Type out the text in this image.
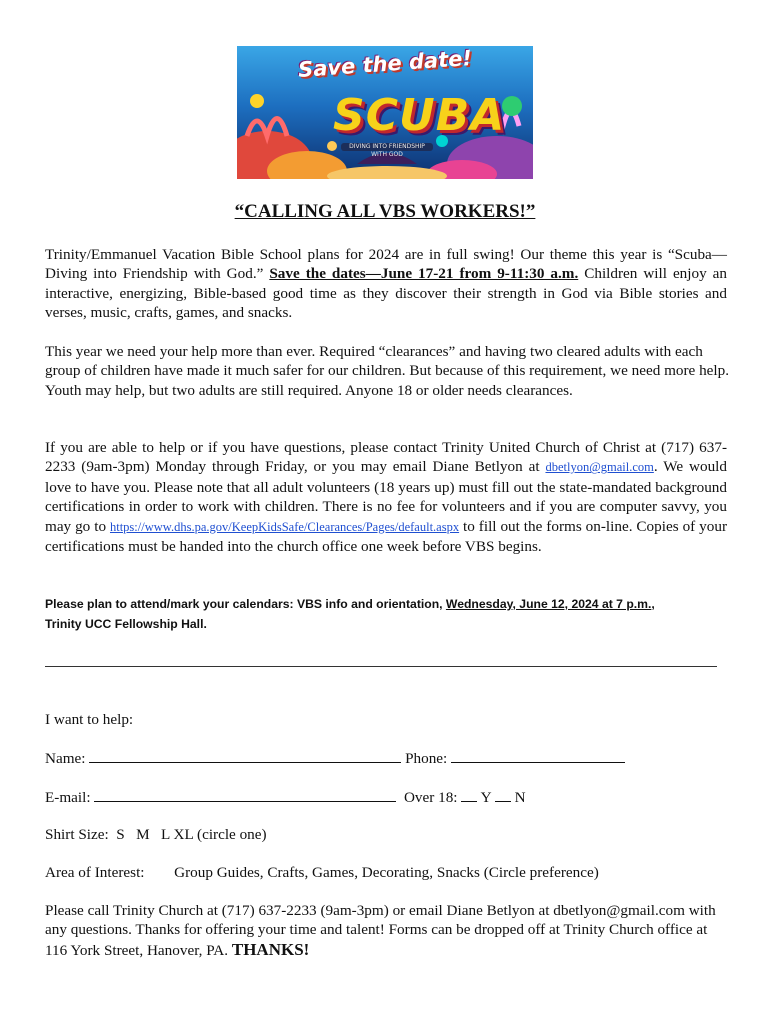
Save the date!
SCUBA
DIVING INTO FRIENDSHIP WITH GOD
“CALLING ALL VBS WORKERS!”

Trinity/Emmanuel Vacation Bible School plans for 2024 are in full swing! Our theme this year is “Scuba—Diving into Friendship with God.” Save the dates—June 17-21 from 9-11:30 a.m. Children will enjoy an interactive, energizing, Bible-based good time as they discover their strength in God via Bible stories and verses, music, crafts, games, and snacks.

This year we need your help more than ever. Required “clearances” and having two cleared adults with each group of children have made it much safer for our children. But because of this requirement, we need more help. Youth may help, but two adults are still required. Anyone 18 or older needs clearances.

If you are able to help or if you have questions, please contact Trinity United Church of Christ at (717) 637-2233 (9am-3pm) Monday through Friday, or you may email Diane Betlyon at dbetlyon@gmail.com. We would love to have you. Please note that all adult volunteers (18 years up) must fill out the state-mandated background certifications in order to work with children. There is no fee for volunteers and if you are computer savvy, you may go to https://www.dhs.pa.gov/KeepKidsSafe/Clearances/Pages/default.aspx to fill out the forms on-line. Copies of your certifications must be handed into the church office one week before VBS begins.

Please plan to attend/mark your calendars: VBS info and orientation, Wednesday, June 12, 2024 at 7 p.m.,
Trinity UCC Fellowship Hall.

I want to help:

Name:	Phone:

E-mail:	Over 18: Y N

Shirt Size: S   M   L XL (circle one)

Area of Interest: Group Guides, Crafts, Games, Decorating, Snacks (Circle preference)

Please call Trinity Church at (717) 637-2233 (9am-3pm) or email Diane Betlyon at dbetlyon@gmail.com with any questions. Thanks for offering your time and talent! Forms can be dropped off at Trinity Church office at 116 York Street, Hanover, PA. THANKS!
